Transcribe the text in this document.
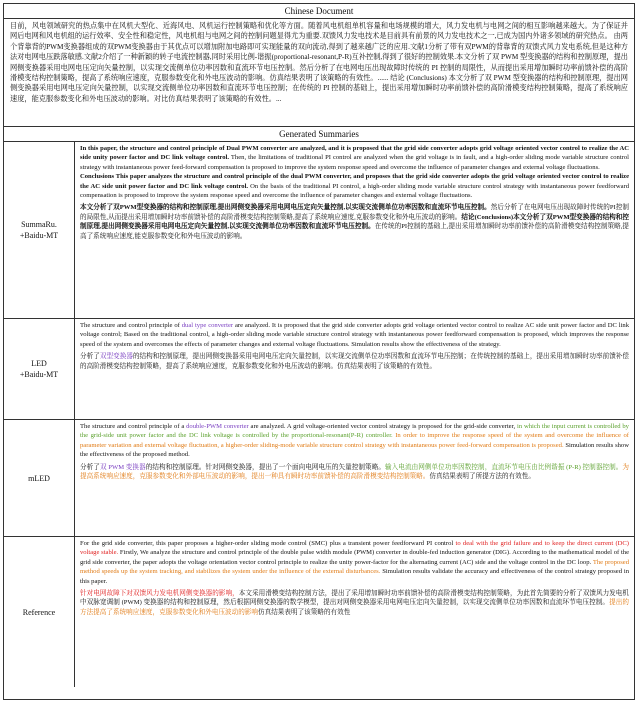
Chinese Document
目前，风电领域研究的热点集中在风机大型化、近海风电、风机运行控制策略和优化等方面。随着风电机组单机容量和电场规模的增大，风力发电机与电网之间的相互影响越来越大。为了保证并网后电网和风电机组的运行效率、安全性和稳定性，风电机组与电网之间的控制问题显得尤为重要.双馈风力发电技术是目前具有前景的风力发电技术之一,已成为国内外诸多领域的研究热点。 由两个背靠背的PWM变换器组成的双PWM变换器由于其优点可以增加附加电路即可实现能量的双向流动,得到了越来越广泛的应用.文献1分析了带有双PWM的背靠背的双馈式风力发电系统,但是这种方法对电网电压跌落敏感.文献2介绍了一种新颖的转子电流控制器,同时采用比例-谐振(proportional-resonant,P-R)互补控制,得到了很好的控制效果.本文分析了双 PWM 型变换器的结构和控制原理，提出网侧变换器采用电网电压定向矢量控制，以实现交流侧单位功率因数和直流环节电压控制。然后分析了在电网电压出现故障时传统的 PI 控制的局限性，从而提出采用增加瞬时功率前馈补偿的高阶滑模变结构控制策略，提高了系统响应速度，克服参数变化和外电压波动的影响。仿真结果表明了该策略的有效性。...... 结论 (Conclusions) 本文分析了双 PWM 型变换器的结构和控制原理，提出网侧变换器采用电网电压定向矢量控制，以实现交流侧单位功率因数和直流环节电压控制；在传统的 PI 控制的基础上，提出采用增加瞬时功率前馈补偿的高阶滑模变结构控制策略，提高了系统响应速度，能克服参数变化和外电压波动的影响。对比仿真结果表明了该策略的有效性。...
Generated Summaries
SummaRu.
+Baidu-MT

In this paper, the structure and control principle of Dual PWM converter are analyzed, and it is proposed that the grid side converter adopts grid voltage oriented vector control to realize the AC side unity power factor and DC link voltage control. Then, the limitations of traditional PI control are analyzed when the grid voltage is in fault, and a high-order sliding mode variable structure control strategy with instantaneous power feed-forward compensation is proposed to improve the system response speed and overcome the influence of parameter changes and external voltage fluctuations.
Conclusions This paper analyzes the structure and control principle of the dual PWM converter, and proposes that the grid side converter adopts the grid voltage oriented vector control to realize the AC side unit power factor and DC link voltage control. On the basis of the traditional PI control, a high-order sliding mode variable structure control strategy with instantaneous power feedforward compensation is proposed to improve the system response speed and overcome the influence of parameter changes and external voltage fluctuations.

本文分析了双PWM型变换器的结构和控制原理,提出网侧变换器采用电网电压定向矢量控制,以实现交流侧单位功率因数和直流环节电压控制。然后分析了在电网电压出现故障时传统的PI控制的局限性,从而提出采用增加瞬时功率前馈补偿的高阶滑模变结构控制策略,提高了系统响应速度,克服参数变化和外电压波动的影响。结论(Conclusions)本文分析了双PWM型变换器的结构和控制原理,提出网侧变换器采用电网电压定向矢量控制,以实现交流侧单位功率因数和直流环节电压控制。在传统的PI控制的基础上,提出采用增加瞬时功率前馈补偿的高阶滑模变结构控制策略,提高了系统响应速度,能克服参数变化和外电压波动的影响。

LED
+Baidu-MT

The structure and control principle of dual type converter are analyzed. It is proposed that the grid side converter adopts grid voltage oriented vector control to realize AC side unit power factor and DC link voltage control; Based on the traditional control, a high-order sliding mode variable structure control strategy with instantaneous power feedforward compensation is proposed, which improves the response speed of the system and overcomes the effects of parameter changes and external voltage fluctuations. Simulation results show the effectiveness of the strategy.

分析了双型变换器的结构和控制原理，提出网侧变换器采用电网电压定向矢量控制，以实现交流侧单位功率因数和直流环节电压控制；在传统控制的基础上，提出采用增加瞬时功率前馈补偿的高阶滑模变结构控制策略，提高了系统响应速度，克服参数变化和外电压波动的影响。仿真结果表明了该策略的有效性。

mLED

The structure and control principle of a double-PWM converter are analyzed. A grid voltage-oriented vector control strategy is proposed for the grid-side converter, in which the input current is controlled by the grid-side unit power factor and the DC link voltage is controlled by the proportional-resonant(P-R) controller. In order to improve the response speed of the system and overcome the influence of parameter variation and external voltage fluctuation, a higher-order sliding-mode variable structure control strategy with instantaneous power feed-forward compensation is proposed. Simulation results show the effectiveness of the proposed method.

分析了双 PWM 变换器的结构和控制原理。针对网侧变换器，提出了一个面向电网电压的矢量控制策略。输入电流由网侧单位功率因数控制，直流环节电压由比例谐振 (P-R) 控制器控制。为提高系统响应速度，克服参数变化和外部电压波动的影响，提出一种具有瞬时功率前馈补偿的高阶滑模变结构控制策略。仿真结果表明了所提方法的有效性。

Reference

For the grid side converter, this paper proposes a higher-order sliding mode control (SMC) plus a transient power feedforward PI control to deal with the grid failure and to keep the direct current (DC) voltage stable. Firstly, We analyze the structure and control principle of the double pulse width module (PWM) converter in double-fed induction generator (DIG). According to the mathematical model of the grid side converter, the paper adopts the voltage orientation vector control principle to realize the unity power-factor for the alternating current (AC) side and the voltage control in the DC loop. The proposed method speeds up the system tracking, and stabilizes the system under the influence of the external disturbances. Simulation results validate the accuracy and effectiveness of the control strategy proposed in this paper.

针对电网故障下对双馈风力发电机网侧变换器的影响，本文采用滑模变结构控制方法，提出了采用增加瞬时功率前馈补偿的高阶滑模变结构控制策略，为此首先简要的分析了双馈风力发电机中双脉宽调制 (PWM) 变换器的结构和控制原理，然后根据网侧变换器的数学模型，提出对网侧变换器采用电网电压定向矢量控制，以实现交流侧单位功率因数和直流环节电压控制。提出的方法提高了系统响应速度，克服参数变化和外电压波动的影响仿真结果表明了该策略的有效性
